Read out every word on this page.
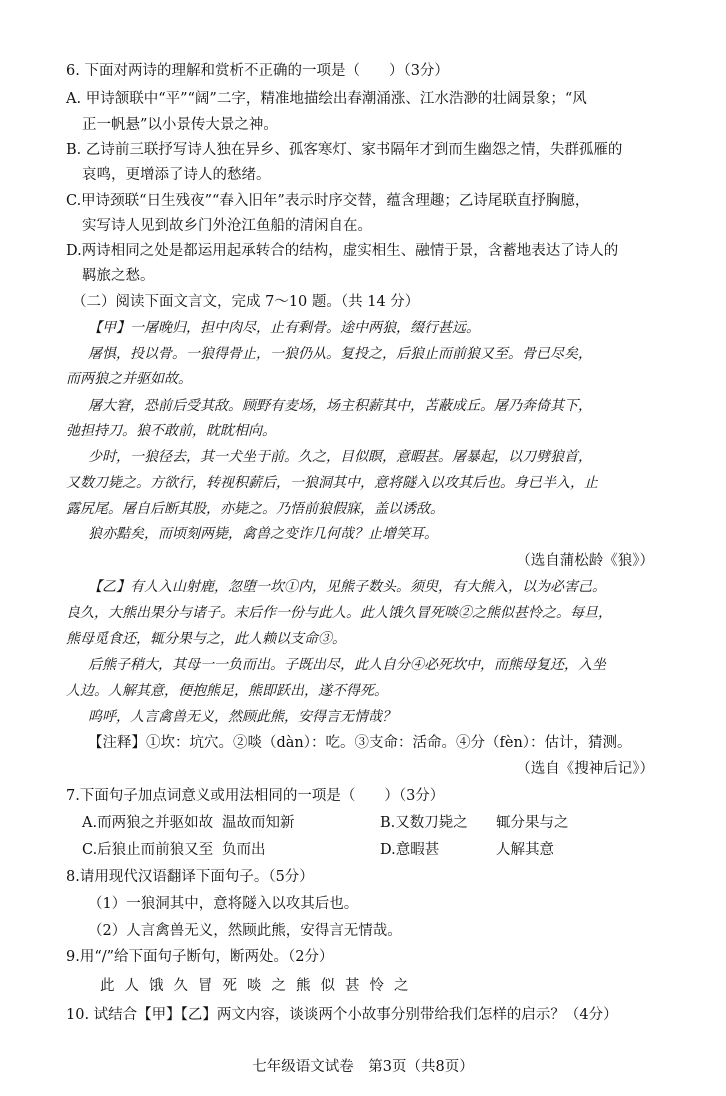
6. 下面对两诗的理解和赏析不正确的一项是（　　）（3分）
A. 甲诗颔联中“平”“阔”二字，精准地描绘出春潮涌涨、江水浩渺的壮阔景象；“风
正一帆悬”以小景传大景之神。
B. 乙诗前三联抒写诗人独在异乡、孤客寒灯、家书隔年才到而生幽怨之情，失群孤雁的
哀鸣，更增添了诗人的愁绪。
C.甲诗颈联“日生残夜”“春入旧年”表示时序交替，蕴含理趣；乙诗尾联直抒胸臆，
实写诗人见到故乡门外沧江鱼船的清闲自在。
D.两诗相同之处是都运用起承转合的结构，虚实相生、融情于景，含蓄地表达了诗人的
羁旅之愁。
（二）阅读下面文言文，完成 7～10 题。（共 14 分）
【甲】一屠晚归，担中肉尽，止有剩骨。途中两狼，缀行甚远。
屠惧，投以骨。一狼得骨止，一狼仍从。复投之，后狼止而前狼又至。骨已尽矣，
而两狼之并驱如故。
屠大窘，恐前后受其敌。顾野有麦场，场主积薪其中，苫蔽成丘。屠乃奔倚其下，
弛担持刀。狼不敢前，眈眈相向。
少时，一狼径去，其一犬坐于前。久之，目似瞑，意暇甚。屠暴起，以刀劈狼首，
又数刀毙之。方欲行，转视积薪后，一狼洞其中，意将隧入以攻其后也。身已半入，止
露尻尾。屠自后断其股，亦毙之。乃悟前狼假寐，盖以诱敌。
狼亦黠矣，而顷刻两毙，禽兽之变诈几何哉？止增笑耳。
（选自蒲松龄《狼》）
【乙】有人入山射鹿，忽堕一坎①内，见熊子数头。须臾，有大熊入，以为必害己。
良久，大熊出果分与诸子。末后作一份与此人。此人饿久冒死啖②之熊似甚怜之。每旦，
熊母觅食还，辄分果与之，此人赖以支命③。
后熊子稍大，其母一一负而出。子既出尽，此人自分④必死坎中，而熊母复还，入坐
人边。人解其意，便抱熊足，熊即跃出，遂不得死。
呜呼，人言禽兽无义，然顾此熊，安得言无情哉？
【注释】①坎：坑穴。②啖（dàn）：吃。③支命：活命。④分（fèn）：估计，猜测。
（选自《搜神后记》）
7.下面句子加点词意义或用法相同的一项是（　　）（3分）
A.而两狼之并驱如故 温故而知新	B.又数刀毙之 辄分果与之
C.后狼止而前狼又至 负而出	D.意暇甚	人解其意
8.请用现代汉语翻译下面句子。（5分）
（1）一狼洞其中，意将隧入以攻其后也。
（2）人言禽兽无义，然顾此熊，安得言无情哉。
9.用“/”给下面句子断句，断两处。（2分）
此人饿久冒死啖之熊似甚怜之
10. 试结合【甲】【乙】两文内容，谈谈两个小故事分别带给我们怎样的启示？（4分）
七年级语文试卷　第3页（共8页）
